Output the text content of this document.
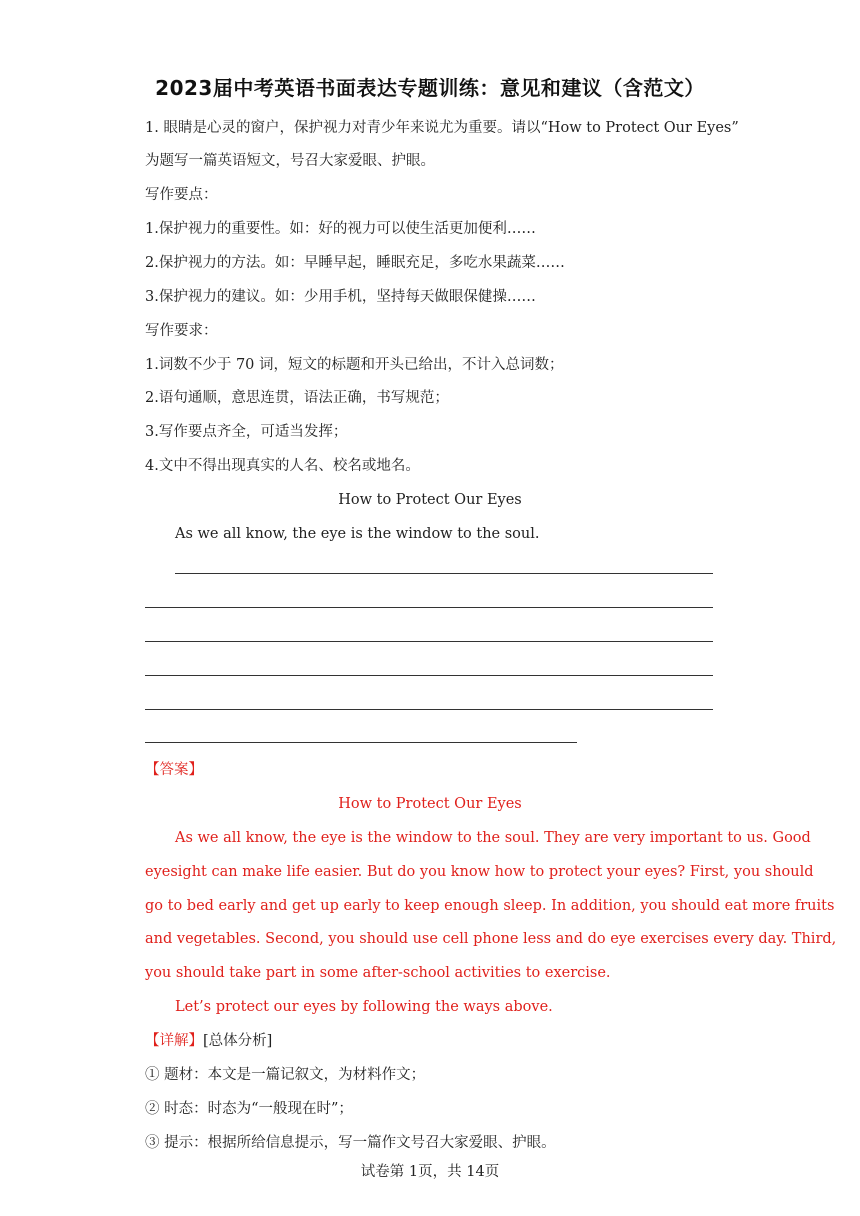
2023届中考英语书面表达专题训练：意见和建议（含范文）
1. 眼睛是心灵的窗户，保护视力对青少年来说尤为重要。请以“How to Protect Our Eyes”
为题写一篇英语短文，号召大家爱眼、护眼。
写作要点：
1.保护视力的重要性。如：好的视力可以使生活更加便利……
2.保护视力的方法。如：早睡早起，睡眠充足，多吃水果蔬菜……
3.保护视力的建议。如：少用手机，坚持每天做眼保健操……
写作要求：
1.词数不少于 70 词，短文的标题和开头已给出，不计入总词数；
2.语句通顺，意思连贯，语法正确，书写规范；
3.写作要点齐全，可适当发挥；
4.文中不得出现真实的人名、校名或地名。
How to Protect Our Eyes
As we all know, the eye is the window to the soul.
【答案】
How to Protect Our Eyes
As we all know, the eye is the window to the soul. They are very important to us. Good
eyesight can make life easier. But do you know how to protect your eyes? First, you should
go to bed early and get up early to keep enough sleep. In addition, you should eat more fruits
and vegetables. Second, you should use cell phone less and do eye exercises every day. Third,
you should take part in some after-school activities to exercise.
Let’s protect our eyes by following the ways above.
【详解】[总体分析]
① 题材：本文是一篇记叙文，为材料作文；
② 时态：时态为“一般现在时”；
③ 提示：根据所给信息提示，写一篇作文号召大家爱眼、护眼。
试卷第 1页，共 14页
